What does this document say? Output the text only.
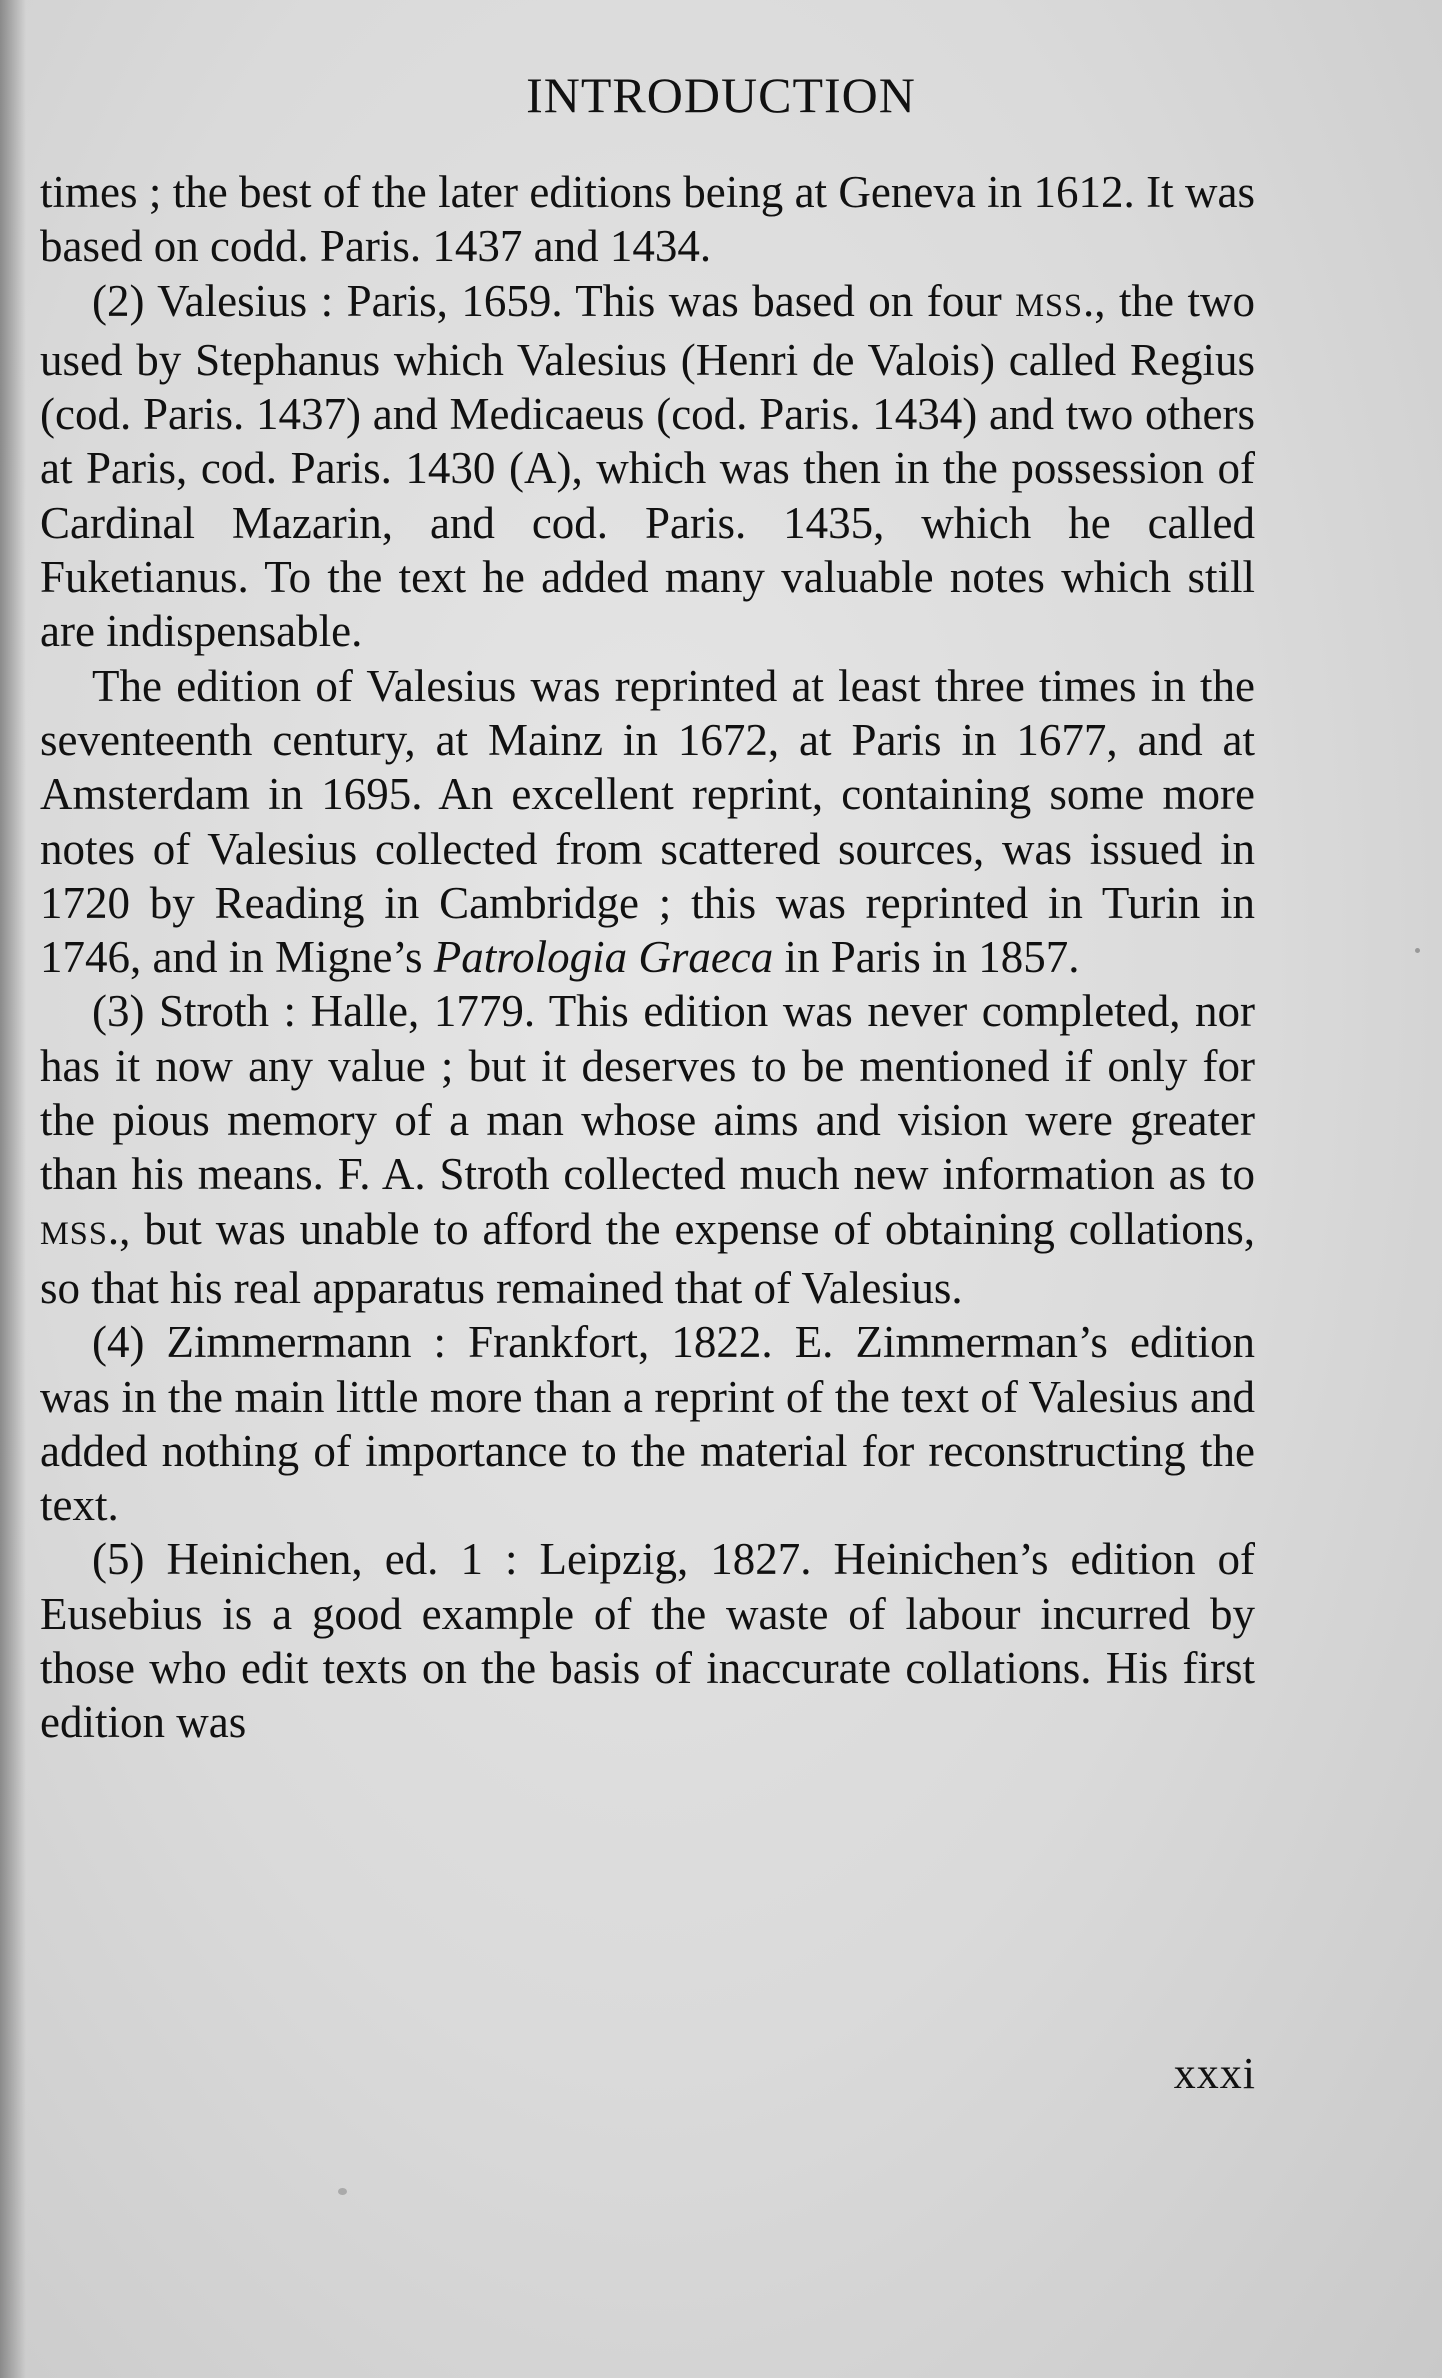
INTRODUCTION

times ; the best of the later editions being at Geneva in 1612. It was based on codd. Paris. 1437 and 1434.

(2) Valesius : Paris, 1659. This was based on four MSS., the two used by Stephanus which Valesius (Henri de Valois) called Regius (cod. Paris. 1437) and Medicaeus (cod. Paris. 1434) and two others at Paris, cod. Paris. 1430 (A), which was then in the possession of Cardinal Mazarin, and cod. Paris. 1435, which he called Fuketianus. To the text he added many valuable notes which still are indispensable.

The edition of Valesius was reprinted at least three times in the seventeenth century, at Mainz in 1672, at Paris in 1677, and at Amsterdam in 1695. An excellent reprint, containing some more notes of Valesius collected from scattered sources, was issued in 1720 by Reading in Cambridge ; this was reprinted in Turin in 1746, and in Migne’s Patrologia Graeca in Paris in 1857.

(3) Stroth : Halle, 1779. This edition was never completed, nor has it now any value ; but it deserves to be mentioned if only for the pious memory of a man whose aims and vision were greater than his means. F. A. Stroth collected much new information as to MSS., but was unable to afford the expense of obtaining collations, so that his real apparatus remained that of Valesius.

(4) Zimmermann : Frankfort, 1822. E. Zimmerman’s edition was in the main little more than a reprint of the text of Valesius and added nothing of importance to the material for reconstructing the text.

(5) Heinichen, ed. 1 : Leipzig, 1827. Heinichen’s edition of Eusebius is a good example of the waste of labour incurred by those who edit texts on the basis of inaccurate collations. His first edition was

xxxi
